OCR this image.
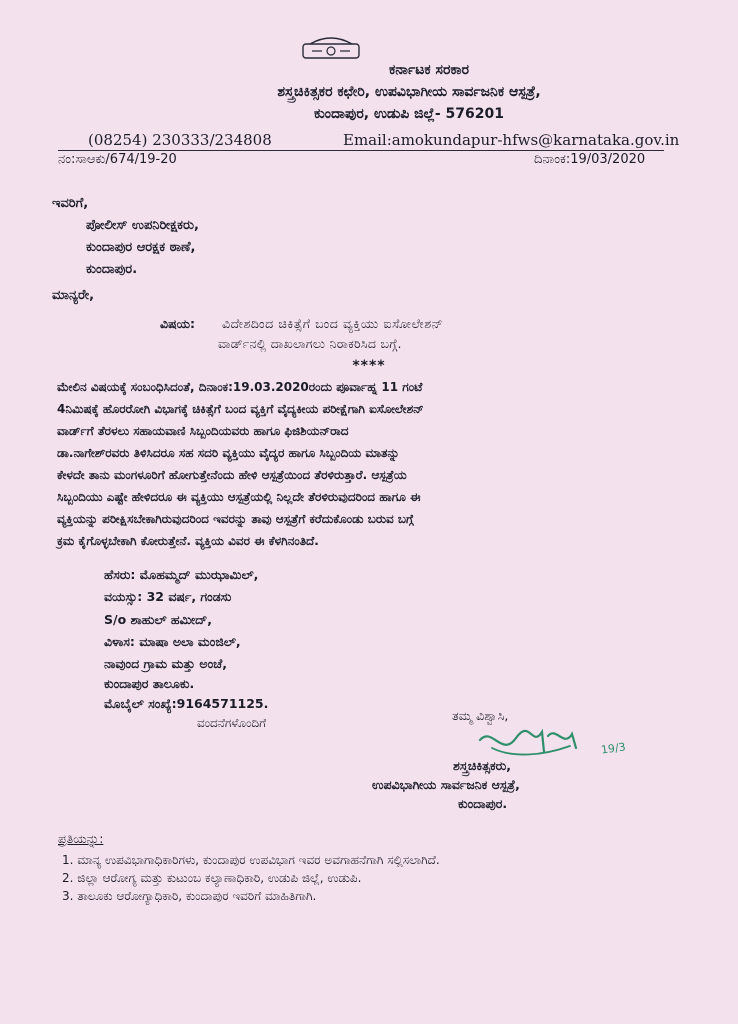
ಕರ್ನಾಟಕ ಸರಕಾರ
ಶಸ್ತ್ರಚಿಕಿತ್ಸಕರ ಕಛೇರಿ, ಉಪವಿಭಾಗೀಯ ಸಾರ್ವಜನಿಕ ಆಸ್ಪತ್ರೆ,
ಕುಂದಾಪುರ, ಉಡುಪಿ ಜಿಲ್ಲೆ- 576201
(08254) 230333/234808	Email:amokundapur-hfws@karnataka.gov.in
ನಂ:ಸಾಆಕು/674/19-20	ದಿನಾಂಕ:19/03/2020
ಇವರಿಗೆ,
ಪೋಲೀಸ್ ಉಪನಿರೀಕ್ಷಕರು,
ಕುಂದಾಪುರ ಆರಕ್ಷಕ ಠಾಣೆ,
ಕುಂದಾಪುರ.
ಮಾನ್ಯರೇ,
ವಿಷಯ: ವಿದೇಶದಿಂದ ಚಿಕಿತ್ಸೆಗೆ ಬಂದ ವ್ಯಕ್ತಿಯು ಐಸೋಲೇಶನ್
ವಾರ್ಡ್‌ನಲ್ಲಿ ದಾಖಲಾಗಲು ನಿರಾಕರಿಸಿದ ಬಗ್ಗೆ.
****
ಮೇಲಿನ ವಿಷಯಕ್ಕೆ ಸಂಬಂಧಿಸಿದಂತೆ, ದಿನಾಂಕ:19.03.2020ರಂದು ಪೂರ್ವಾಹ್ನ 11 ಗಂಟೆ
4ನಿಮಿಷಕ್ಕೆ ಹೊರರೋಗಿ ವಿಭಾಗಕ್ಕೆ ಚಿಕಿತ್ಸೆಗೆ ಬಂದ ವ್ಯಕ್ತಿಗೆ ವೈದ್ಯಕೀಯ ಪರೀಕ್ಷೆಗಾಗಿ ಐಸೋಲೇಶನ್
ವಾರ್ಡ್‌ಗೆ ತೆರಳಲು ಸಹಾಯವಾಣಿ ಸಿಬ್ಬಂದಿಯವರು ಹಾಗೂ ಫಿಜಿಶಿಯನ್‌ರಾದ
ಡಾ.ನಾಗೇಶ್‌ರವರು ತಿಳಿಸಿದರೂ ಸಹ ಸದರಿ ವ್ಯಕ್ತಿಯು ವೈದ್ಯರ ಹಾಗೂ ಸಿಬ್ಬಂದಿಯ ಮಾತನ್ನು
ಕೇಳದೇ ತಾನು ಮಂಗಳೂರಿಗೆ ಹೋಗುತ್ತೇನೆಂದು ಹೇಳಿ ಆಸ್ಪತ್ರೆಯಿಂದ ತೆರಳಿರುತ್ತಾರೆ. ಆಸ್ಪತ್ರೆಯ
ಸಿಬ್ಬಂದಿಯು ಎಷ್ಟೇ ಹೇಳಿದರೂ ಈ ವ್ಯಕ್ತಿಯು ಆಸ್ಪತ್ರೆಯಲ್ಲಿ ನಿಲ್ಲದೇ ತೆರಳಿರುವುದರಿಂದ ಹಾಗೂ ಈ
ವ್ಯಕ್ತಿಯನ್ನು ಪರೀಕ್ಷಿಸಬೇಕಾಗಿರುವುದರಿಂದ ಇವರನ್ನು ತಾವು ಆಸ್ಪತ್ರೆಗೆ ಕರೆದುಕೊಂಡು ಬರುವ ಬಗ್ಗೆ
ಕ್ರಮ ಕೈಗೊಳ್ಳಬೇಕಾಗಿ ಕೋರುತ್ತೇನೆ. ವ್ಯಕ್ತಿಯ ವಿವರ ಈ ಕೆಳಗಿನಂತಿದೆ.
ಹೆಸರು: ಮೊಹಮ್ಮದ್ ಮುಝಾಮಿಲ್,
ವಯಸ್ಸು: 32 ವರ್ಷ, ಗಂಡಸು
S/o ಶಾಹುಲ್ ಹಮೀದ್,
ವಿಳಾಸ: ಮಾಷಾ ಅಲಾ ಮಂಜಿಲ್,
ನಾವುಂದ ಗ್ರಾಮ ಮತ್ತು ಅಂಚೆ,
ಕುಂದಾಪುರ ತಾಲೂಕು.
ಮೊಬೈಲ್ ಸಂಖ್ಯೆ:9164571125.
ವಂದನೆಗಳೊಂದಿಗೆ	ತಮ್ಮ ವಿಶ್ವಾಸಿ,
19/3
ಶಸ್ತ್ರಚಿಕಿತ್ಸಕರು,
ಉಪವಿಭಾಗೀಯ ಸಾರ್ವಜನಿಕ ಆಸ್ಪತ್ರೆ,
ಕುಂದಾಪುರ.
ಪ್ರತಿಯನ್ನು:
1. ಮಾನ್ಯ ಉಪವಿಭಾಗಾಧಿಕಾರಿಗಳು, ಕುಂದಾಪುರ ಉಪವಿಭಾಗ ಇವರ ಅವಗಾಹನೆಗಾಗಿ ಸಲ್ಲಿಸಲಾಗಿದೆ.
2. ಜಿಲ್ಲಾ ಆರೋಗ್ಯ ಮತ್ತು ಕುಟುಂಬ ಕಲ್ಯಾಣಾಧಿಕಾರಿ, ಉಡುಪಿ ಜಿಲ್ಲೆ, ಉಡುಪಿ.
3. ತಾಲೂಕು ಆರೋಗ್ಯಾಧಿಕಾರಿ, ಕುಂದಾಪುರ ಇವರಿಗೆ ಮಾಹಿತಿಗಾಗಿ.
